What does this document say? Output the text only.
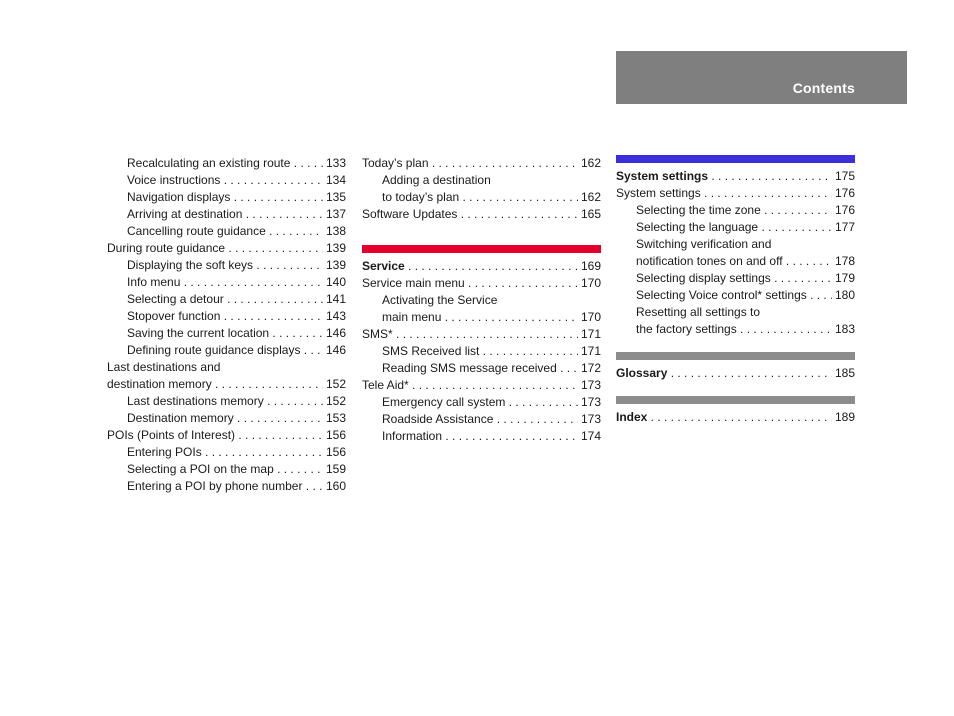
Contents
Recalculating an existing route . . .	133
Voice instructions . . .	134
Navigation displays . . .	135
Arriving at destination . . .	137
Cancelling route guidance . . .	138
During route guidance . . .	139
Displaying the soft keys . . .	139
Info menu . . .	140
Selecting a detour . . .	141
Stopover function . . .	143
Saving the current location . . .	146
Defining route guidance displays . . . 146
Last destinations and
destination memory . . .	152
Last destinations memory . . .	152
Destination memory . . .	153
POIs (Points of Interest) . . .	156
Entering POIs . . .	156
Selecting a POI on the map . . .	159
Entering a POI by phone number . . . 160
Today’s plan . . .	162
Adding a destination
to today’s plan . . .	162
Software Updates . . .	165
Service . . .	169
Service main menu . . .	170
Activating the Service
main menu . . .	170
SMS* . . .	171
SMS Received list . . .	171
Reading SMS message received . . . 172
Tele Aid* . . .	173
Emergency call system . . .	173
Roadside Assistance . . .	173
Information . . .	174
System settings . . .	175
System settings . . .	176
Selecting the time zone . . .	176
Selecting the language . . .	177
Switching verification and
notification tones on and off . . .	178
Selecting display settings . . .	179
Selecting Voice control* settings . . . 180
Resetting all settings to
the factory settings . . .	183
Glossary . . .	185
Index . . .	189
